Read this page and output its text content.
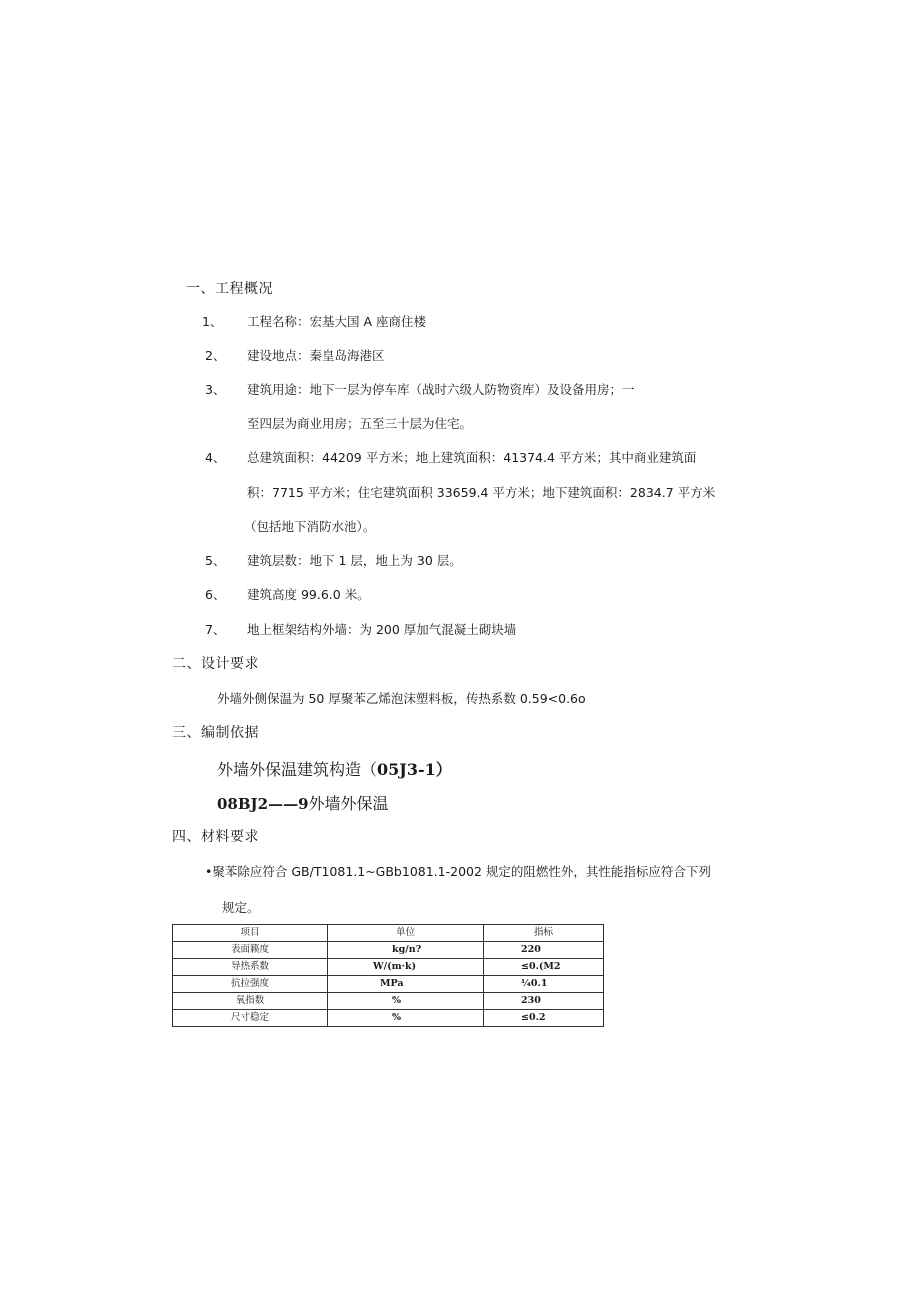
一、工程概况
1、 工程名称：宏基大国 A 座商住楼
2、 建设地点：秦皇岛海港区
3、 建筑用途：地下一层为停车库（战时六级人防物资库）及设备用房；一
至四层为商业用房；五至三十层为住宅。
4、 总建筑面积：44209 平方米；地上建筑面积：41374.4 平方米；其中商业建筑面
积：7715 平方米；住宅建筑面积 33659.4 平方米；地下建筑面积：2834.7 平方米
（包括地下消防水池）。
5、 建筑层数：地下 1 层，地上为 30 层。
6、 建筑高度 99.6.0 米。
7、 地上框架结构外墙：为 200 厚加气混凝土砌块墙
二、设计要求
外墙外侧保温为 50 厚聚苯乙烯泡沫塑料板，传热系数 0.59<0.6o
三、编制依据
外墙外保温建筑构造（05J3-1）
08BJ2——9外墙外保温
四、材料要求
•聚苯除应符合 GB/T1081.1~GBb1081.1-2002 规定的阻燃性外，其性能指标应符合下列
规定。
项目	单位	指标
表面籁度	kg/n?	220
导热系数	W/(m·k)	≤0.(M2
抗拉强度	MPa	¼0.1
氧指数	%	230
尺寸稳定	%	≤0.2
